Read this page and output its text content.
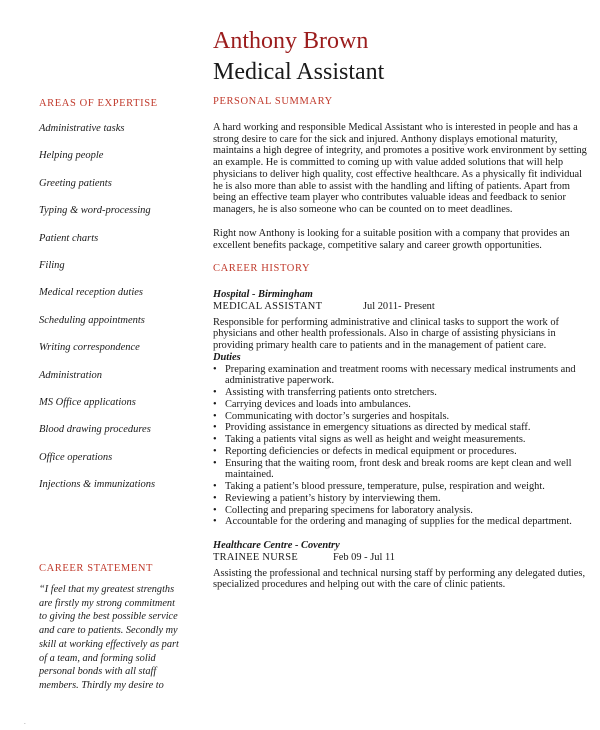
Anthony Brown
Medical Assistant
AREAS OF EXPERTISE
Administrative tasks
Helping people
Greeting patients
Typing & word-processing
Patient charts
Filing
Medical reception duties
Scheduling appointments
Writing correspondence
Administration
MS Office applications
Blood drawing procedures
Office operations
Injections & immunizations
CAREER STATEMENT

“I feel that my greatest strengths are firstly my strong commitment to giving the best possible service and care to patients. Secondly my skill at working effectively as part of a team, and forming solid personal bonds with all staff members. Thirdly my desire to

PERSONAL SUMMARY

A hard working and responsible Medical Assistant who is interested in people and has a strong desire to care for the sick and injured. Anthony displays emotional maturity, maintains a high degree of integrity, and promotes a positive work environment by setting an example. He is committed to coming up with value added solutions that will help physicians to deliver high quality, cost effective healthcare. As a physically fit individual he is also more than able to assist with the handling and lifting of patients. Apart from being an effective team player who contributes valuable ideas and feedback to senior managers, he is also someone who can be counted on to meet deadlines.

Right now Anthony is looking for a suitable position with a company that provides an excellent benefits package, competitive salary and career growth opportunities.

CAREER HISTORY

Hospital - Birmingham

MEDICAL ASSISTANT	Jul 2011- Present

Responsible for performing administrative and clinical tasks to support the work of physicians and other health professionals. Also in charge of assisting physicians in providing primary health care to patients and in the management of patient care.

Duties

• Preparing examination and treatment rooms with necessary medical instruments and administrative paperwork.
• Assisting with transferring patients onto stretchers.
• Carrying devices and loads into ambulances.
• Communicating with doctor’s surgeries and hospitals.
• Providing assistance in emergency situations as directed by medical staff.
• Taking a patients vital signs as well as height and weight measurements.
• Reporting deficiencies or defects in medical equipment or procedures.
• Ensuring that the waiting room, front desk and break rooms are kept clean and well maintained.
• Taking a patient’s blood pressure, temperature, pulse, respiration and weight.
• Reviewing a patient’s history by interviewing them.
• Collecting and preparing specimens for laboratory analysis.
• Accountable for the ordering and managing of supplies for the medical department.

Healthcare Centre - Coventry

TRAINEE NURSE	Feb 09 - Jul 11

Assisting the professional and technical nursing staff by performing any delegated duties, specialized procedures and helping out with the care of clinic patients.

.
